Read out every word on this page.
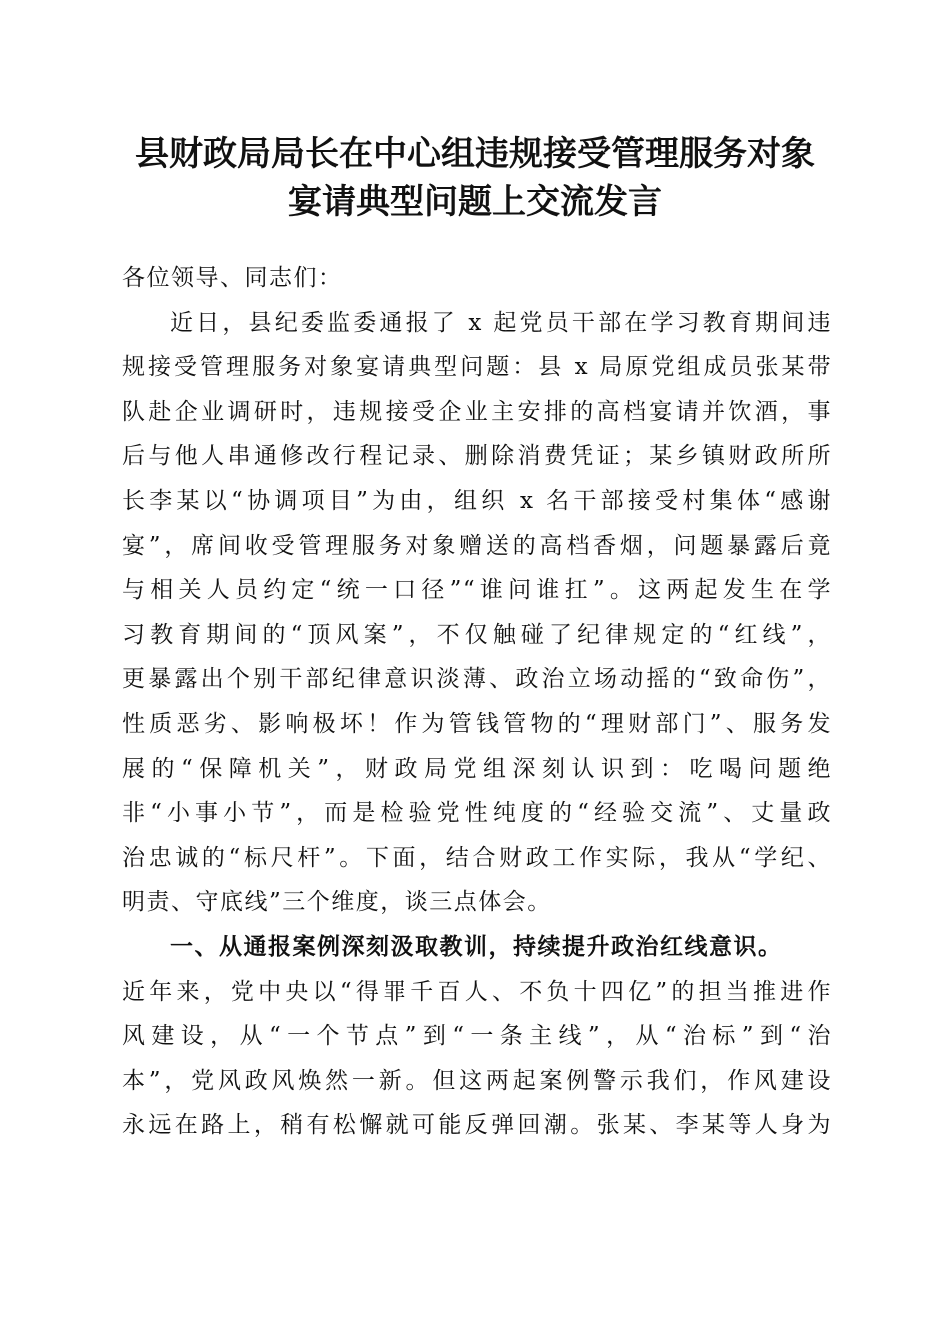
县财政局局长在中心组违规接受管理服务对象
宴请典型问题上交流发言
各位领导、同志们：
近日，县纪委监委通报了 x 起党员干部在学习教育期间违
规接受管理服务对象宴请典型问题：县 x 局原党组成员张某带
队赴企业调研时，违规接受企业主安排的高档宴请并饮酒，事
后与他人串通修改行程记录、删除消费凭证；某乡镇财政所所
长李某以“协调项目”为由，组织 x 名干部接受村集体“感谢
宴”，席间收受管理服务对象赠送的高档香烟，问题暴露后竟
与相关人员约定“统一口径”“谁问谁扛”。这两起发生在学
习教育期间的“顶风案”，不仅触碰了纪律规定的“红线”，
更暴露出个别干部纪律意识淡薄、政治立场动摇的“致命伤”，
性质恶劣、影响极坏！作为管钱管物的“理财部门”、服务发
展的“保障机关”，财政局党组深刻认识到：吃喝问题绝
非“小事小节”，而是检验党性纯度的“经验交流”、丈量政
治忠诚的“标尺杆”。下面，结合财政工作实际，我从“学纪、
明责、守底线”三个维度，谈三点体会。
一、从通报案例深刻汲取教训，持续提升政治红线意识。
近年来，党中央以“得罪千百人、不负十四亿”的担当推进作
风建设，从“一个节点”到“一条主线”，从“治标”到“治
本”，党风政风焕然一新。但这两起案例警示我们，作风建设
永远在路上，稍有松懈就可能反弹回潮。张某、李某等人身为
